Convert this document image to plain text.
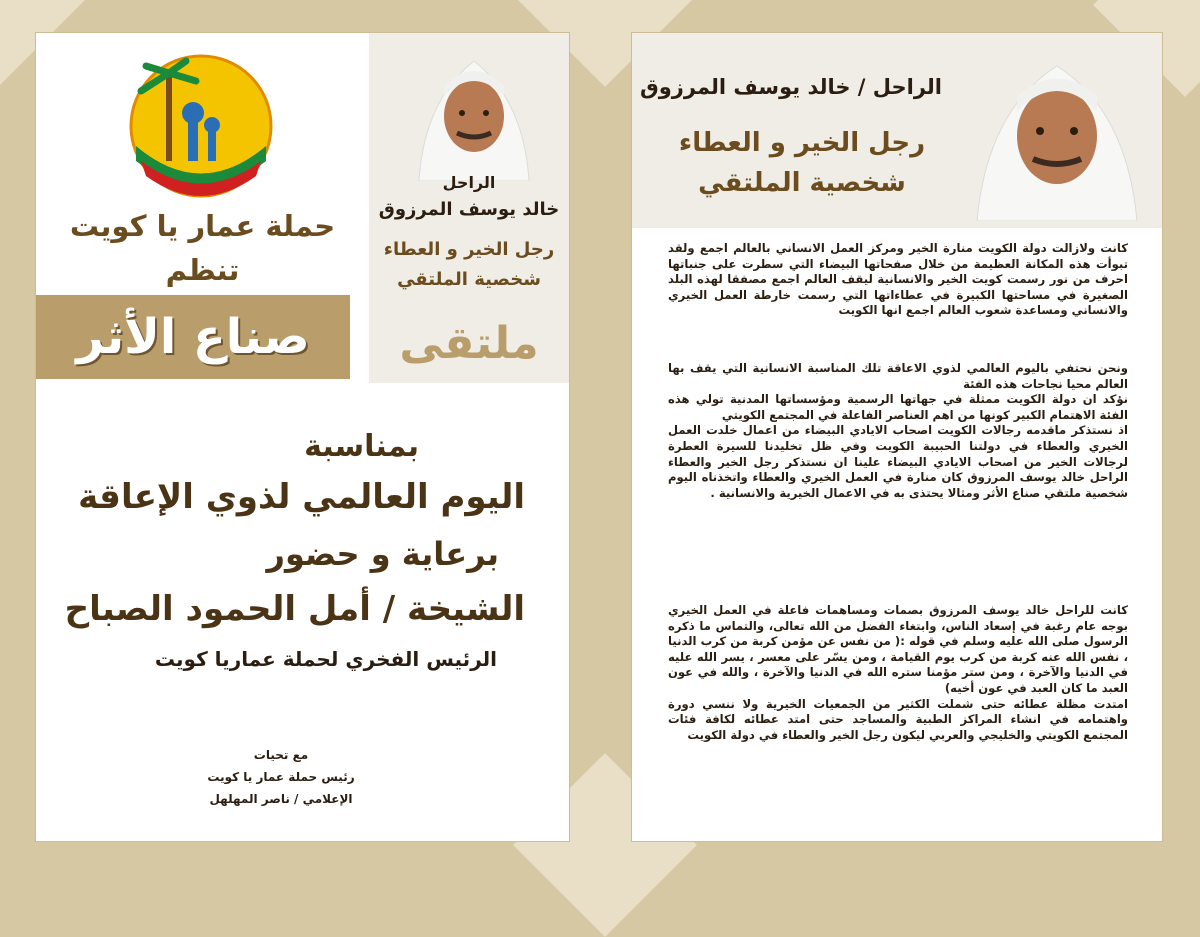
حملة عمار يا كويت
تنظم
صناع الأثر
الراحل
خالد يوسف المرزوق
رجل الخير و العطاء
شخصية الملتقي
ملتقى
بمناسبة
اليوم العالمي لذوي الإعاقة
برعاية و حضور
الشيخة / أمل الحمود الصباح
الرئيس الفخري لحملة عماريا كويت
مع تحيات
رئيس حملة عمار يا كويت
الإعلامي / ناصر المهلهل
الراحل / خالد يوسف المرزوق
رجل الخير و العطاء
شخصية الملتقي

كانت ولازالت دولة الكويت منارة الخير ومركز العمل الانساني بالعالم اجمع ولقد تبوأت هذه المكانة العظيمة من خلال صفحاتها البيضاء التي سطرت على جنباتها احرف من نور رسمت كويت الخير والانسانية ليقف العالم اجمع مصفقا لهذه البلد الصغيرة في مساحتها الكبيرة في عطاءاتها التي رسمت خارطة العمل الخيري والانساني ومساعدة شعوب العالم اجمع انها الكويت

ونحن نحتفي باليوم العالمي لذوي الاعاقة تلك المناسبة الانسانية التي يقف بها العالم محيا نجاحات هذه الفئة

نؤكد ان دولة الكويت ممثلة في جهاتها الرسمية ومؤسساتها المدنية تولي هذه الفئة الاهتمام الكبير كونها من اهم العناصر الفاعلة في المجتمع الكويتي

اذ نستذكر ماقدمه رجالات الكويت اصحاب الايادي البيضاء من اعمال خلدت العمل الخيري والعطاء في دولتنا الحبيبة الكويت وفي ظل تخليدنا للسيرة العطرة لرجالات الخير من اصحاب الايادي البيضاء علينا ان نستذكر رجل الخير والعطاء الراحل خالد يوسف المرزوق كان منارة في العمل الخيري والعطاء واتخذناه اليوم شخصية ملتقي صناع الأثر ومثالا يحتذى به في الاعمال الخيرية والانسانية .

كانت للراحل خالد يوسف المرزوق بصمات ومساهمات فاعلة في العمل الخيري بوجه عام رغبة في إسعاد الناس، وابتغاء الفضل من الله تعالى، والتماس ما ذكره الرسول صلى الله عليه وسلم في قوله :( من نفس عن مؤمن كربة من كرب الدنيا ، نفس الله عنه كربة من كرب يوم القيامة ، ومن يسّر على معسر ، يسر الله عليه في الدنيا والآخرة ، ومن ستر مؤمنا ستره الله في الدنيا والآخرة ، والله في عون العبد ما كان العبد في عون أخيه)

امتدت مظلة عطائه حتى شملت الكثير من الجمعيات الخيرية ولا ننسي دورة واهتمامه في انشاء المراكز الطبية والمساجد حتى امتد عطائه لكافة فئات المجتمع الكويتي والخليجي والعربي ليكون رجل الخير والعطاء في دولة الكويت
